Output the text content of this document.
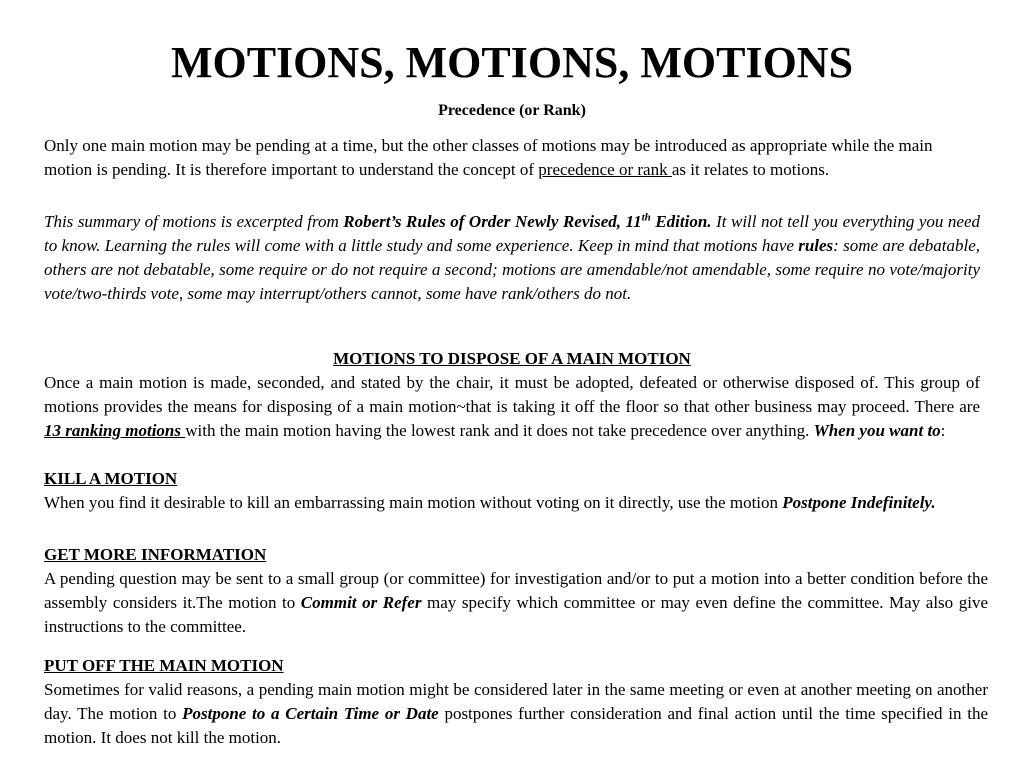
MOTIONS, MOTIONS, MOTIONS
Precedence (or Rank)

Only one main motion may be pending at a time, but the other classes of motions may be introduced as appropriate while the main motion is pending. It is therefore important to understand the concept of precedence or rank as it relates to motions.

This summary of motions is excerpted from Robert’s Rules of Order Newly Revised, 11th Edition. It will not tell you everything you need to know. Learning the rules will come with a little study and some experience. Keep in mind that motions have rules: some are debatable, others are not debatable, some require or do not require a second; motions are amendable/not amendable, some require no vote/majority vote/two-thirds vote, some may interrupt/others cannot, some have rank/others do not.

MOTIONS TO DISPOSE OF A MAIN MOTION

Once a main motion is made, seconded, and stated by the chair, it must be adopted, defeated or otherwise disposed of. This group of motions provides the means for disposing of a main motion~that is taking it off the floor so that other business may proceed. There are 13 ranking motions with the main motion having the lowest rank and it does not take precedence over anything. When you want to:

KILL A MOTION

When you find it desirable to kill an embarrassing main motion without voting on it directly, use the motion Postpone Indefinitely.

GET MORE INFORMATION

A pending question may be sent to a small group (or committee) for investigation and/or to put a motion into a better condition before the assembly considers it.The motion to Commit or Refer may specify which committee or may even define the committee. May also give instructions to the committee.

PUT OFF THE MAIN MOTION

Sometimes for valid reasons, a pending main motion might be considered later in the same meeting or even at another meeting on another day. The motion to Postpone to a Certain Time or Date postpones further consideration and final action until the time specified in the motion. It does not kill the motion.
